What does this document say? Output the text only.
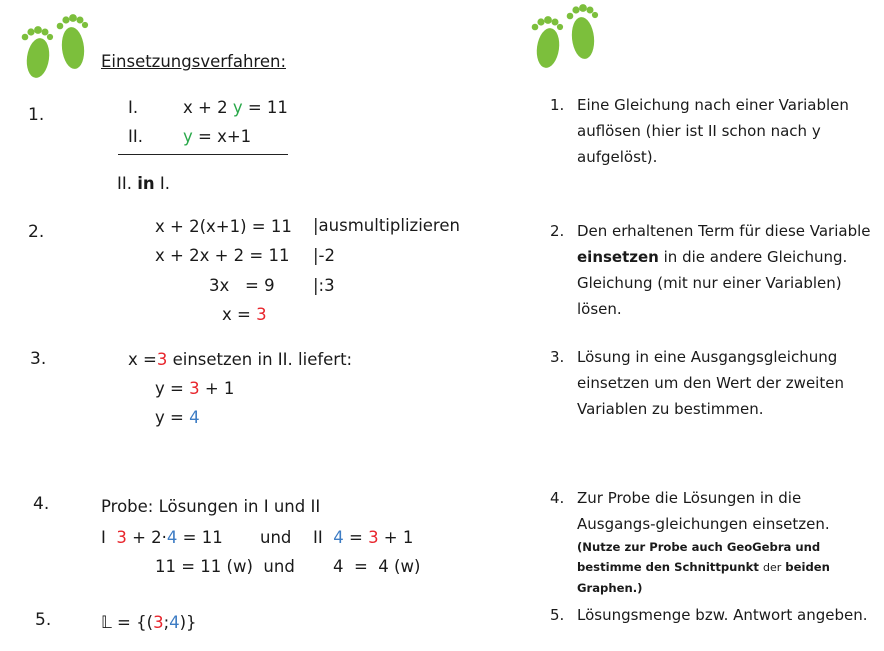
Einsetzungsverfahren:
1.
2.
3.
4.
5.
I.	x + 2 y = 11
II. y = x+1
II. in I.
x + 2(x+1) = 11 |ausmultiplizieren
x + 2x + 2 = 11 |-2
3x   = 9 |:3
x = 3
x =3 einsetzen in II. liefert:
y = 3 + 1
y = 4
Probe: Lösungen in I und II
I  3 + 2·4 = 11 und II  4 = 3 + 1
11 = 11 (w)  und 4  =  4 (w)
𝕃 = {(3;4)}
1. Eine Gleichung nach einer Variablen auflösen (hier ist II schon nach y aufgelöst).
2. Den erhaltenen Term für diese Variable einsetzen in die andere Gleichung. Gleichung (mit nur einer Variablen) lösen.
3. Lösung in eine Ausgangsgleichung einsetzen um den Wert der zweiten Variablen zu bestimmen.
4. Zur Probe die Lösungen in die Ausgangs-gleichungen einsetzen.
(Nutze zur Probe auch GeoGebra und bestimme den Schnittpunkt der beiden Graphen.)
5. Lösungsmenge bzw. Antwort angeben.
